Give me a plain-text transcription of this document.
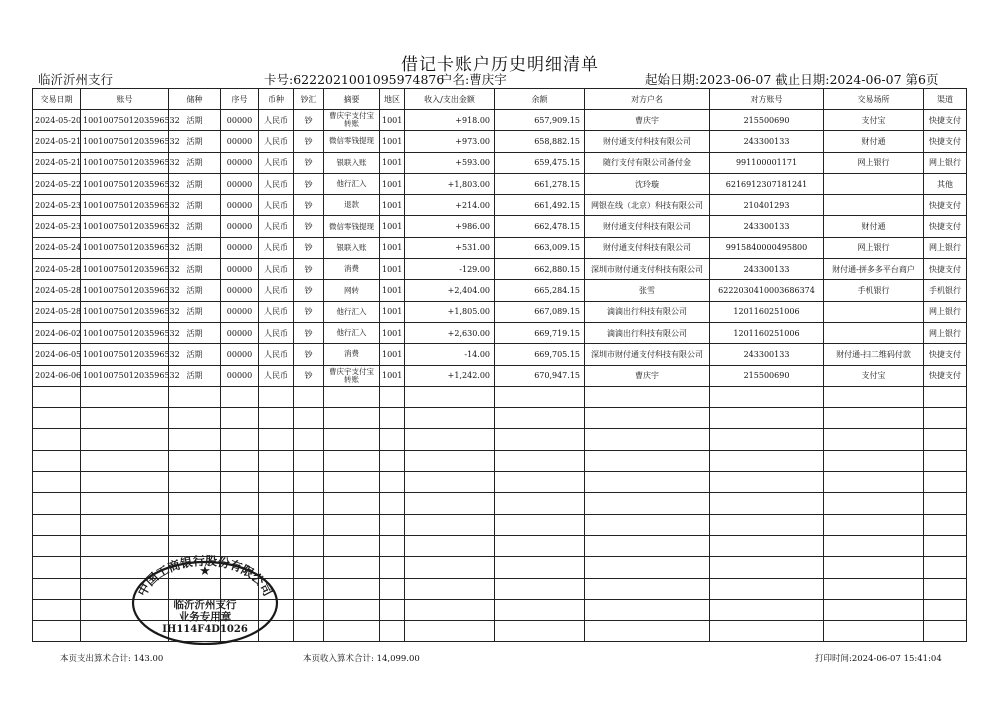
借记卡账户历史明细清单
临沂沂州支行	卡号:6222021001095974876
户名:曹庆宇	起始日期:2023-06-07 截止日期:2024-06-07 第6页
交易日期	账号	储种	序号	币种	钞汇	摘要	地区	收入/支出金额	余额	对方户名	对方账号	交易场所	渠道
2024-05-20	1001007501203596532	活期	00000	人民币	钞	曹庆宇支付宝转账	1001	+918.00	657,909.15	曹庆宇	215500690	支付宝	快捷支付
2024-05-21	1001007501203596532	活期	00000	人民币	钞	微信零钱提现	1001	+973.00	658,882.15	财付通支付科技有限公司	243300133	财付通	快捷支付
2024-05-21	1001007501203596532	活期	00000	人民币	钞	银联入账	1001	+593.00	659,475.15	随行支付有限公司备付金	991100001171	网上银行	网上银行
2024-05-22	1001007501203596532	活期	00000	人民币	钞	他行汇入	1001	+1,803.00	661,278.15	沈玲璇	6216912307181241		其他
2024-05-23	1001007501203596532	活期	00000	人民币	钞	退款	1001	+214.00	661,492.15	网银在线（北京）科技有限公司	210401293		快捷支付
2024-05-23	1001007501203596532	活期	00000	人民币	钞	微信零钱提现	1001	+986.00	662,478.15	财付通支付科技有限公司	243300133	财付通	快捷支付
2024-05-24	1001007501203596532	活期	00000	人民币	钞	银联入账	1001	+531.00	663,009.15	财付通支付科技有限公司	9915840000495800	网上银行	网上银行
2024-05-28	1001007501203596532	活期	00000	人民币	钞	消费	1001	-129.00	662,880.15	深圳市财付通支付科技有限公司	243300133	财付通-拼多多平台商户	快捷支付
2024-05-28	1001007501203596532	活期	00000	人民币	钞	网转	1001	+2,404.00	665,284.15	张雪	6222030410003686374	手机银行	手机银行
2024-05-28	1001007501203596532	活期	00000	人民币	钞	他行汇入	1001	+1,805.00	667,089.15	滴滴出行科技有限公司	1201160251006		网上银行
2024-06-02	1001007501203596532	活期	00000	人民币	钞	他行汇入	1001	+2,630.00	669,719.15	滴滴出行科技有限公司	1201160251006		网上银行
2024-06-05	1001007501203596532	活期	00000	人民币	钞	消费	1001	-14.00	669,705.15	深圳市财付通支付科技有限公司	243300133	财付通-扫二维码付款	快捷支付
2024-06-06	1001007501203596532	活期	00000	人民币	钞	曹庆宇支付宝转账	1001	+1,242.00	670,947.15	曹庆宇	215500690	支付宝	快捷支付

本页支出算术合计: 143.00	本页收入算术合计: 14,099.00	打印时间:2024-06-07 15:41:04
中国工商银行股份有限公司
★
临沂沂州支行
业务专用章
IH114F4D1026
